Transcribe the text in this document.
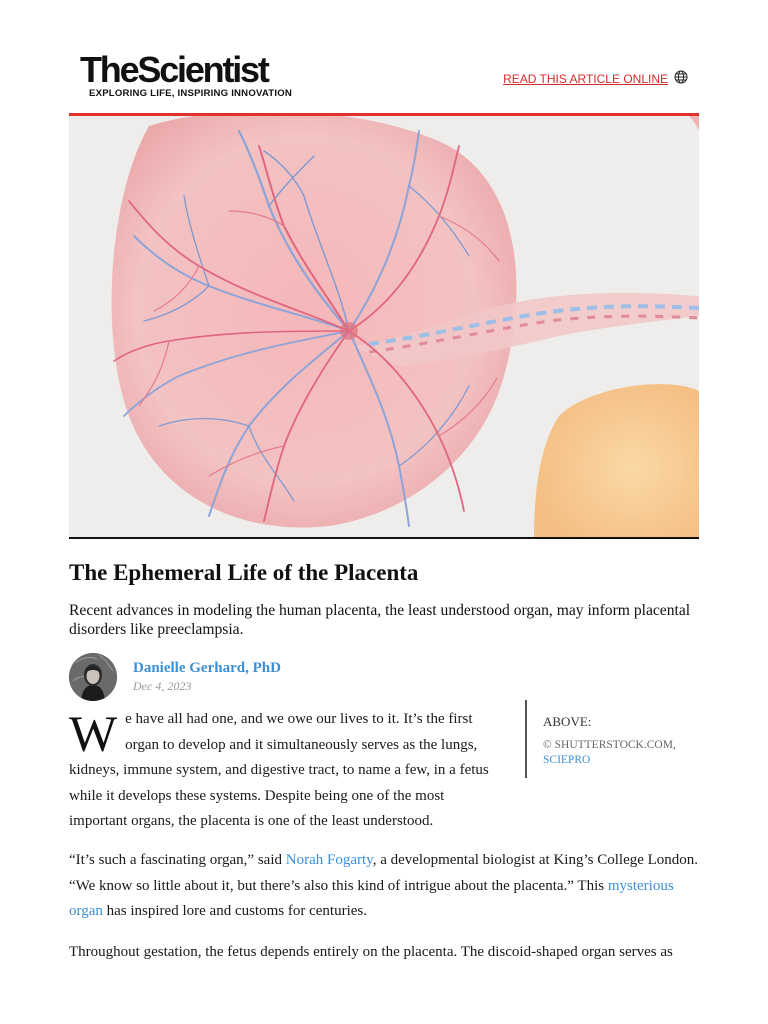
TheScientist
EXPLORING LIFE, INSPIRING INNOVATION
READ THIS ARTICLE ONLINE
The Ephemeral Life of the Placenta

Recent advances in modeling the human placenta, the least understood organ, may inform placental disorders like preeclampsia.

Danielle Gerhard, PhD
Dec 4, 2023

We have all had one, and we owe our lives to it. It’s the first organ to develop and it simultaneously serves as the lungs, kidneys, immune system, and digestive tract, to name a few, in a fetus while it develops these systems. Despite being one of the most important organs, the placenta is one of the least understood.

ABOVE:
© SHUTTERSTOCK.COM,
SCIEPRO

“It’s such a fascinating organ,” said Norah Fogarty, a developmental biologist at King’s College London. “We know so little about it, but there’s also this kind of intrigue about the placenta.” This mysterious organ has inspired lore and customs for centuries.

Throughout gestation, the fetus depends entirely on the placenta. The discoid-shaped organ serves as
